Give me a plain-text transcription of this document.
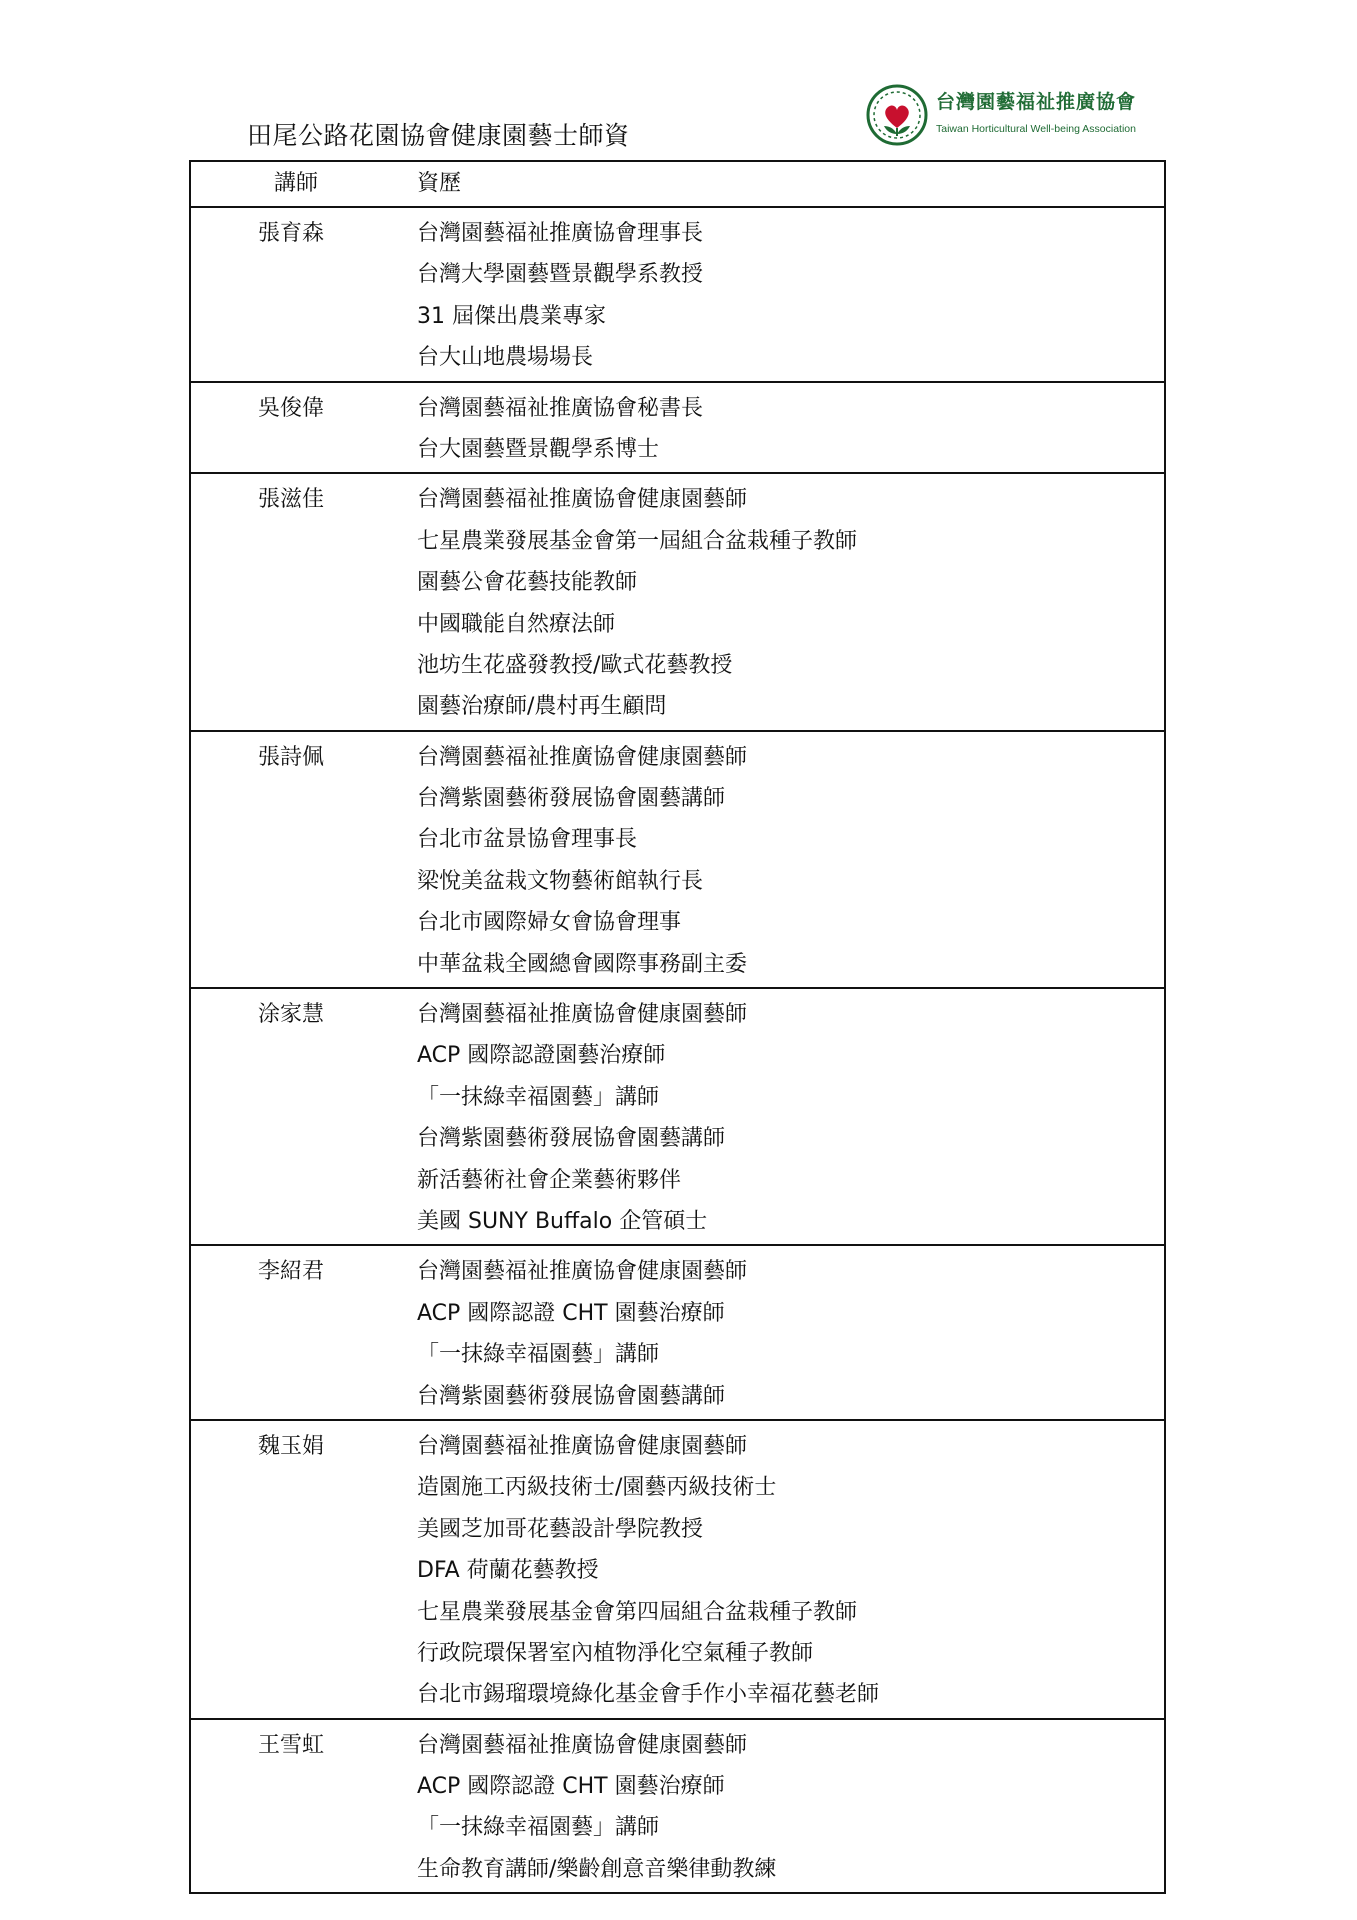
田尾公路花園協會健康園藝士師資
台灣園藝福祉推廣協會
Taiwan Horticultural Well-being Association
講師	資歷
張育森	台灣園藝福祉推廣協會理事長
台灣大學園藝暨景觀學系教授
31 屆傑出農業專家
台大山地農場場長
吳俊偉	台灣園藝福祉推廣協會秘書長
台大園藝暨景觀學系博士
張滋佳	台灣園藝福祉推廣協會健康園藝師
七星農業發展基金會第一屆組合盆栽種子教師
園藝公會花藝技能教師
中國職能自然療法師
池坊生花盛發教授/歐式花藝教授
園藝治療師/農村再生顧問
張詩佩	台灣園藝福祉推廣協會健康園藝師
台灣紫園藝術發展協會園藝講師
台北市盆景協會理事長
梁悅美盆栽文物藝術館執行長
台北市國際婦女會協會理事
中華盆栽全國總會國際事務副主委
涂家慧	台灣園藝福祉推廣協會健康園藝師
ACP 國際認證園藝治療師
「一抹綠幸福園藝」講師
台灣紫園藝術發展協會園藝講師
新活藝術社會企業藝術夥伴
美國 SUNY Buffalo 企管碩士
李紹君	台灣園藝福祉推廣協會健康園藝師
ACP 國際認證 CHT 園藝治療師
「一抹綠幸福園藝」講師
台灣紫園藝術發展協會園藝講師
魏玉娟	台灣園藝福祉推廣協會健康園藝師
造園施工丙級技術士/園藝丙級技術士
美國芝加哥花藝設計學院教授
DFA 荷蘭花藝教授
七星農業發展基金會第四屆組合盆栽種子教師
行政院環保署室內植物淨化空氣種子教師
台北市錫瑠環境綠化基金會手作小幸福花藝老師
王雪虹	台灣園藝福祉推廣協會健康園藝師
ACP 國際認證 CHT 園藝治療師
「一抹綠幸福園藝」講師
生命教育講師/樂齡創意音樂律動教練
